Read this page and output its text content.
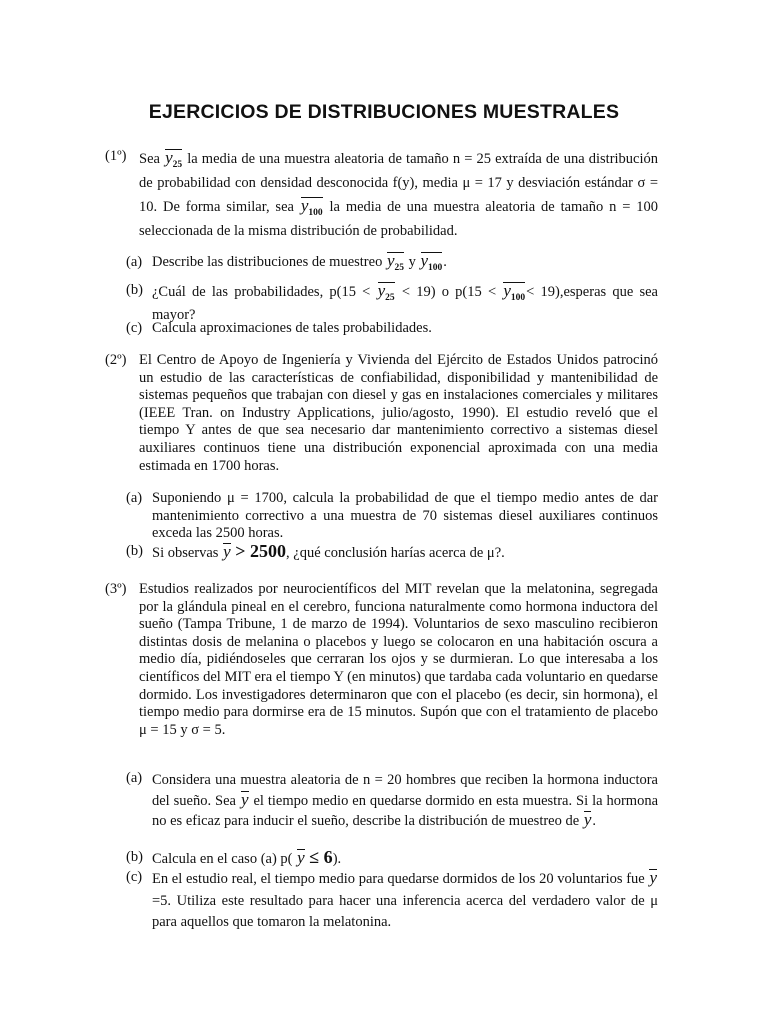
EJERCICIOS DE DISTRIBUCIONES MUESTRALES
(1º) Sea $y_{25}$ la media de una muestra aleatoria de tamaño n = 25 extraída de una distribución de probabilidad con densidad desconocida f(y), media μ = 17 y desviación estándar σ = 10. De forma similar, sea $y_{100}$ la media de una muestra aleatoria de tamaño n = 100 seleccionada de la misma distribución de probabilidad.
(a) Describe las distribuciones de muestreo $y_{25}$ y $y_{100}$.
(b) ¿Cuál de las probabilidades, $p(15 < y_{25} < 19)$ o $p(15 < y_{100}<$ 19),esperas que sea mayor?
(c) Calcula aproximaciones de tales probabilidades.
(2º) El Centro de Apoyo de Ingeniería y Vivienda del Ejército de Estados Unidos patrocinó un estudio de las características de confiabilidad, disponibilidad y mantenibilidad de sistemas pequeños que trabajan con diesel y gas en instalaciones comerciales y militares (IEEE Tran. on Industry Applications, julio/agosto, 1990). El estudio reveló que el tiempo Y antes de que sea necesario dar mantenimiento correctivo a sistemas diesel auxiliares continuos tiene una distribución exponencial aproximada con una media estimada en 1700 horas.
(a) Suponiendo μ = 1700, calcula la probabilidad de que el tiempo medio antes de dar mantenimiento correctivo a una muestra de 70 sistemas diesel auxiliares continuos exceda las 2500 horas.
(b) Si observas y > 2500, ¿qué conclusión harías acerca de μ?.
(3º) Estudios realizados por neurocientíficos del MIT revelan que la melatonina, segregada por la glándula pineal en el cerebro, funciona naturalmente como hormona inductora del sueño (Tampa Tribune, 1 de marzo de 1994). Voluntarios de sexo masculino recibieron distintas dosis de melanina o placebos y luego se colocaron en una habitación oscura a medio día, pidiéndoseles que cerraran los ojos y se durmieran. Lo que interesaba a los científicos del MIT era el tiempo Y (en minutos) que tardaba cada voluntario en quedarse dormido. Los investigadores determinaron que con el placebo (es decir, sin hormona), el tiempo medio para dormirse era de 15 minutos. Supón que con el tratamiento de placebo μ = 15 y σ = 5.
(a) Considera una muestra aleatoria de n = 20 hombres que reciben la hormona inductora del sueño. Sea y el tiempo medio en quedarse dormido en esta muestra. Si la hormona no es eficaz para inducir el sueño, describe la distribución de muestreo de y.
(b) Calcula en el caso (a) p( y ≤ 6).
(c) En el estudio real, el tiempo medio para quedarse dormidos de los 20 voluntarios fue y=5. Utiliza este resultado para hacer una inferencia acerca del verdadero valor de μ para aquellos que tomaron la melatonina.
